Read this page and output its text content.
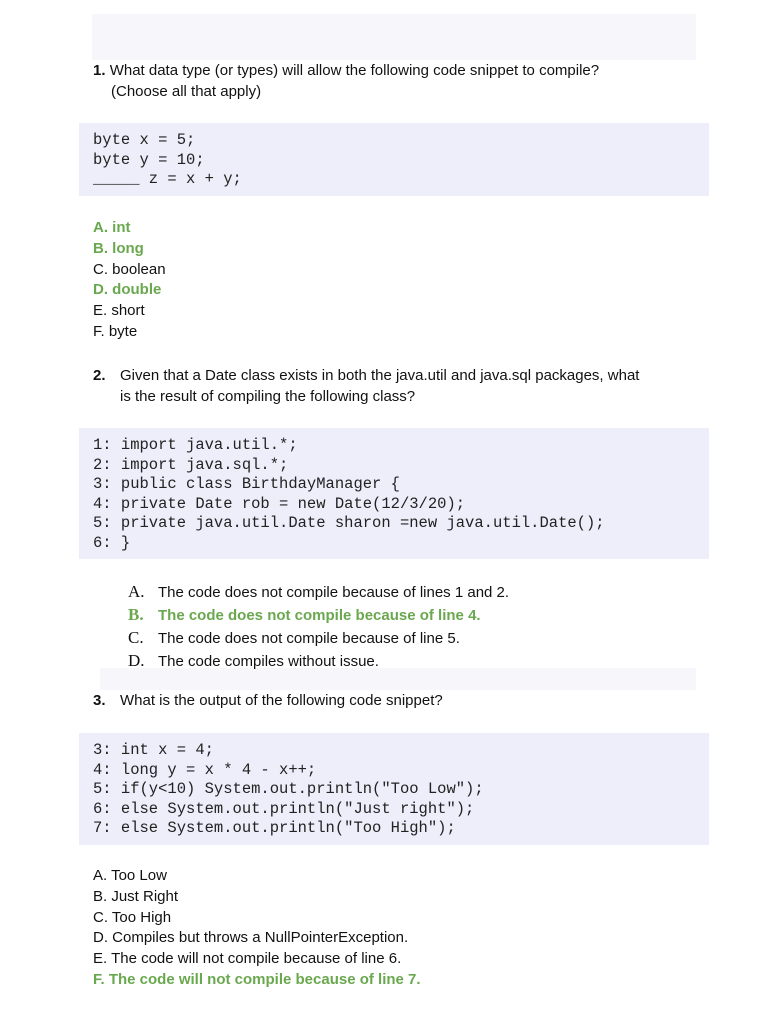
1. What data type (or types) will allow the following code snippet to compile?
(Choose all that apply)
byte x = 5;
byte y = 10;
_____ z = x + y;
A. int
B. long
C. boolean
D. double
E. short
F. byte
2. Given that a Date class exists in both the java.util and java.sql packages, what
is the result of compiling the following class?
1: import java.util.*;
2: import java.sql.*;
3: public class BirthdayManager {
4: private Date rob = new Date(12/3/20);
5: private java.util.Date sharon =new java.util.Date();
6: }
A. The code does not compile because of lines 1 and 2.
B. The code does not compile because of line 4.
C. The code does not compile because of line 5.
D. The code compiles without issue.
3. What is the output of the following code snippet?
3: int x = 4;
4: long y = x * 4 - x++;
5: if(y<10) System.out.println("Too Low");
6: else System.out.println("Just right");
7: else System.out.println("Too High");
A. Too Low
B. Just Right
C. Too High
D. Compiles but throws a NullPointerException.
E. The code will not compile because of line 6.
F. The code will not compile because of line 7.
